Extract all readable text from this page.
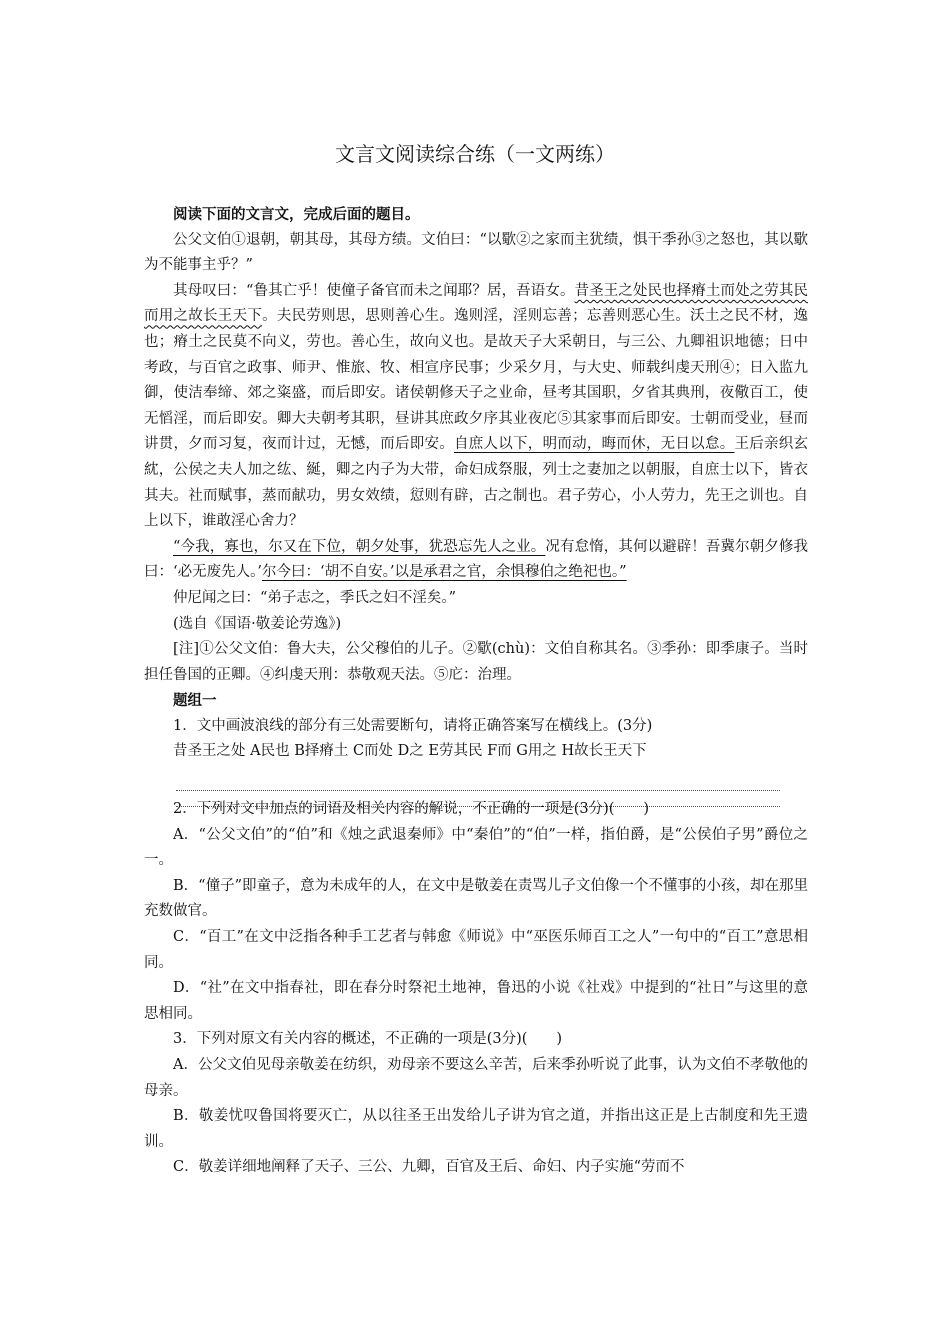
文言文阅读综合练（一文两练）

阅读下面的文言文，完成后面的题目。

公父文伯①退朝，朝其母，其母方绩。文伯曰：“以歜②之家而主犹绩，惧干季孙③之怒也，其以歜为不能事主乎？”

其母叹曰：“鲁其亡乎！使僮子备官而未之闻耶？居，吾语女。昔圣王之处民也择瘠土而处之劳其民而用之故长王天下。夫民劳则思，思则善心生。逸则淫，淫则忘善；忘善则恶心生。沃土之民不材，逸也；瘠土之民莫不向义，劳也。善心生，故向义也。是故天子大采朝日，与三公、九卿祖识地德；日中考政，与百官之政事、师尹、惟旅、牧、相宣序民事；少采夕月，与大史、师载纠虔天刑④；日入监九御，使洁奉缔、郊之粢盛，而后即安。诸侯朝修天子之业命，昼考其国职，夕省其典刑，夜儆百工，使无慆淫，而后即安。卿大夫朝考其职，昼讲其庶政夕序其业夜庀⑤其家事而后即安。士朝而受业，昼而讲贯，夕而习复，夜而计过，无憾，而后即安。自庶人以下，明而动，晦而休，无日以怠。王后亲织玄紞，公侯之夫人加之纮、綖，卿之内子为大带，命妇成祭服，列士之妻加之以朝服，自庶士以下，皆衣其夫。社而赋事，蒸而献功，男女效绩，愆则有辟，古之制也。君子劳心，小人劳力，先王之训也。自上以下，谁敢淫心舍力？

“今我，寡也，尔又在下位，朝夕处事，犹恐忘先人之业。况有怠惰，其何以避辟！吾冀尔朝夕修我曰：‘必无废先人。’尔今曰：‘胡不自安。’以是承君之官，余惧穆伯之绝祀也。”

仲尼闻之曰：“弟子志之，季氏之妇不淫矣。”

(选自《国语·敬姜论劳逸》)

[注]①公父文伯：鲁大夫，公父穆伯的儿子。②歜(chù)：文伯自称其名。③季孙：即季康子。当时担任鲁国的正卿。④纠虔天刑：恭敬观天法。⑤庀：治理。

题组一

1．文中画波浪线的部分有三处需要断句，请将正确答案写在横线上。(3分)

昔圣王之处 A民也 B择瘠土 C而处 D之 E劳其民 F而 G用之 H故长王天下

2．下列对文中加点的词语及相关内容的解说，不正确的一项是(3分)(　　)

A．“公父文伯”的“伯”和《烛之武退秦师》中“秦伯”的“伯”一样，指伯爵，是“公侯伯子男”爵位之一。

B．“僮子”即童子，意为未成年的人，在文中是敬姜在责骂儿子文伯像一个不懂事的小孩，却在那里充数做官。

C．“百工”在文中泛指各种手工艺者与韩愈《师说》中“巫医乐师百工之人”一句中的“百工”意思相同。

D．“社”在文中指春社，即在春分时祭祀土地神，鲁迅的小说《社戏》中提到的“社日”与这里的意思相同。

3．下列对原文有关内容的概述，不正确的一项是(3分)(　　)

A．公父文伯见母亲敬姜在纺织，劝母亲不要这么辛苦，后来季孙听说了此事，认为文伯不孝敬他的母亲。

B．敬姜忧叹鲁国将要灭亡，从以往圣王出发给儿子讲为官之道，并指出这正是上古制度和先王遗训。

C．敬姜详细地阐释了天子、三公、九卿，百官及王后、命妇、内子实施“劳而不
